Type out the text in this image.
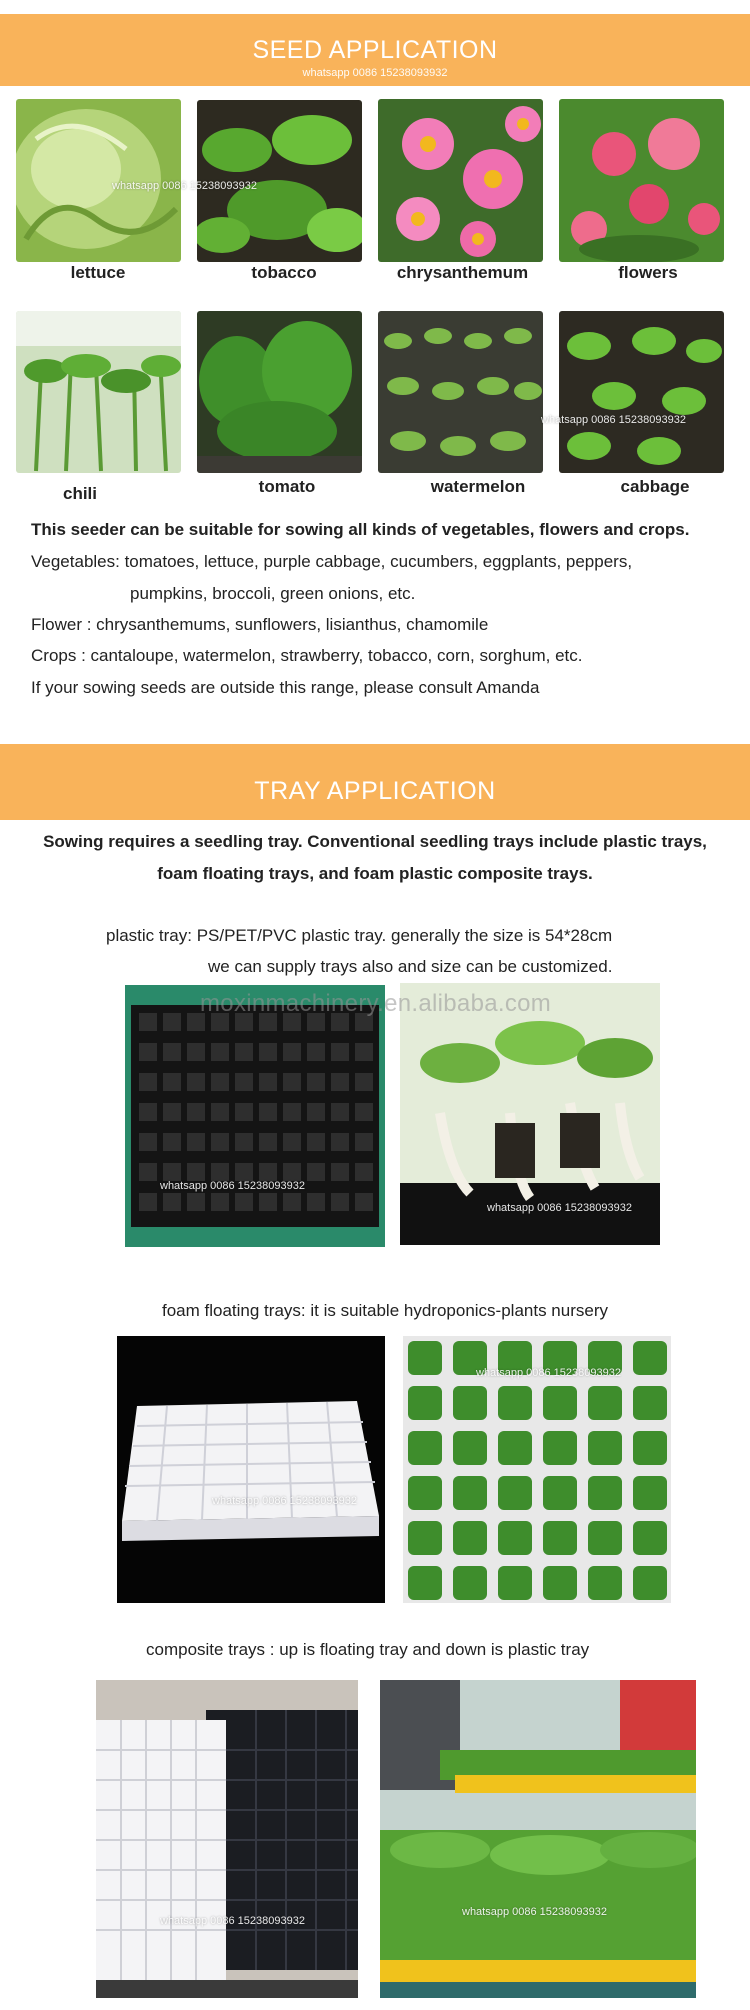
SEED APPLICATION
whatsapp 0086 15238093932
whatsapp 0086 15238093932
lettuce	tobacco	chrysanthemum	flowers
whatsapp 0086 15238093932
chili	tomato	watermelon	cabbage
This seeder can be suitable for sowing all kinds of vegetables, flowers and crops.
Vegetables: tomatoes, lettuce, purple cabbage, cucumbers, eggplants, peppers,
pumpkins, broccoli, green onions, etc.
Flower : chrysanthemums, sunflowers, lisianthus, chamomile
Crops : cantaloupe, watermelon, strawberry, tobacco, corn, sorghum, etc.
If your sowing seeds are outside this range, please consult Amanda
TRAY APPLICATION
Sowing requires a seedling tray. Conventional seedling trays include plastic trays,
foam floating trays, and foam plastic composite trays.
plastic tray: PS/PET/PVC plastic tray. generally the size is 54*28cm
we can supply trays also and size can be customized.
moxinmachinery.en.alibaba.com
whatsapp 0086 15238093932
whatsapp 0086 15238093932
foam floating trays: it is suitable hydroponics-plants nursery
whatsapp 0086 15238093932
whatsapp 0086 15238093932
composite trays : up is floating tray and down is plastic tray
whatsapp 0086 15238093932
whatsapp 0086 15238093932
